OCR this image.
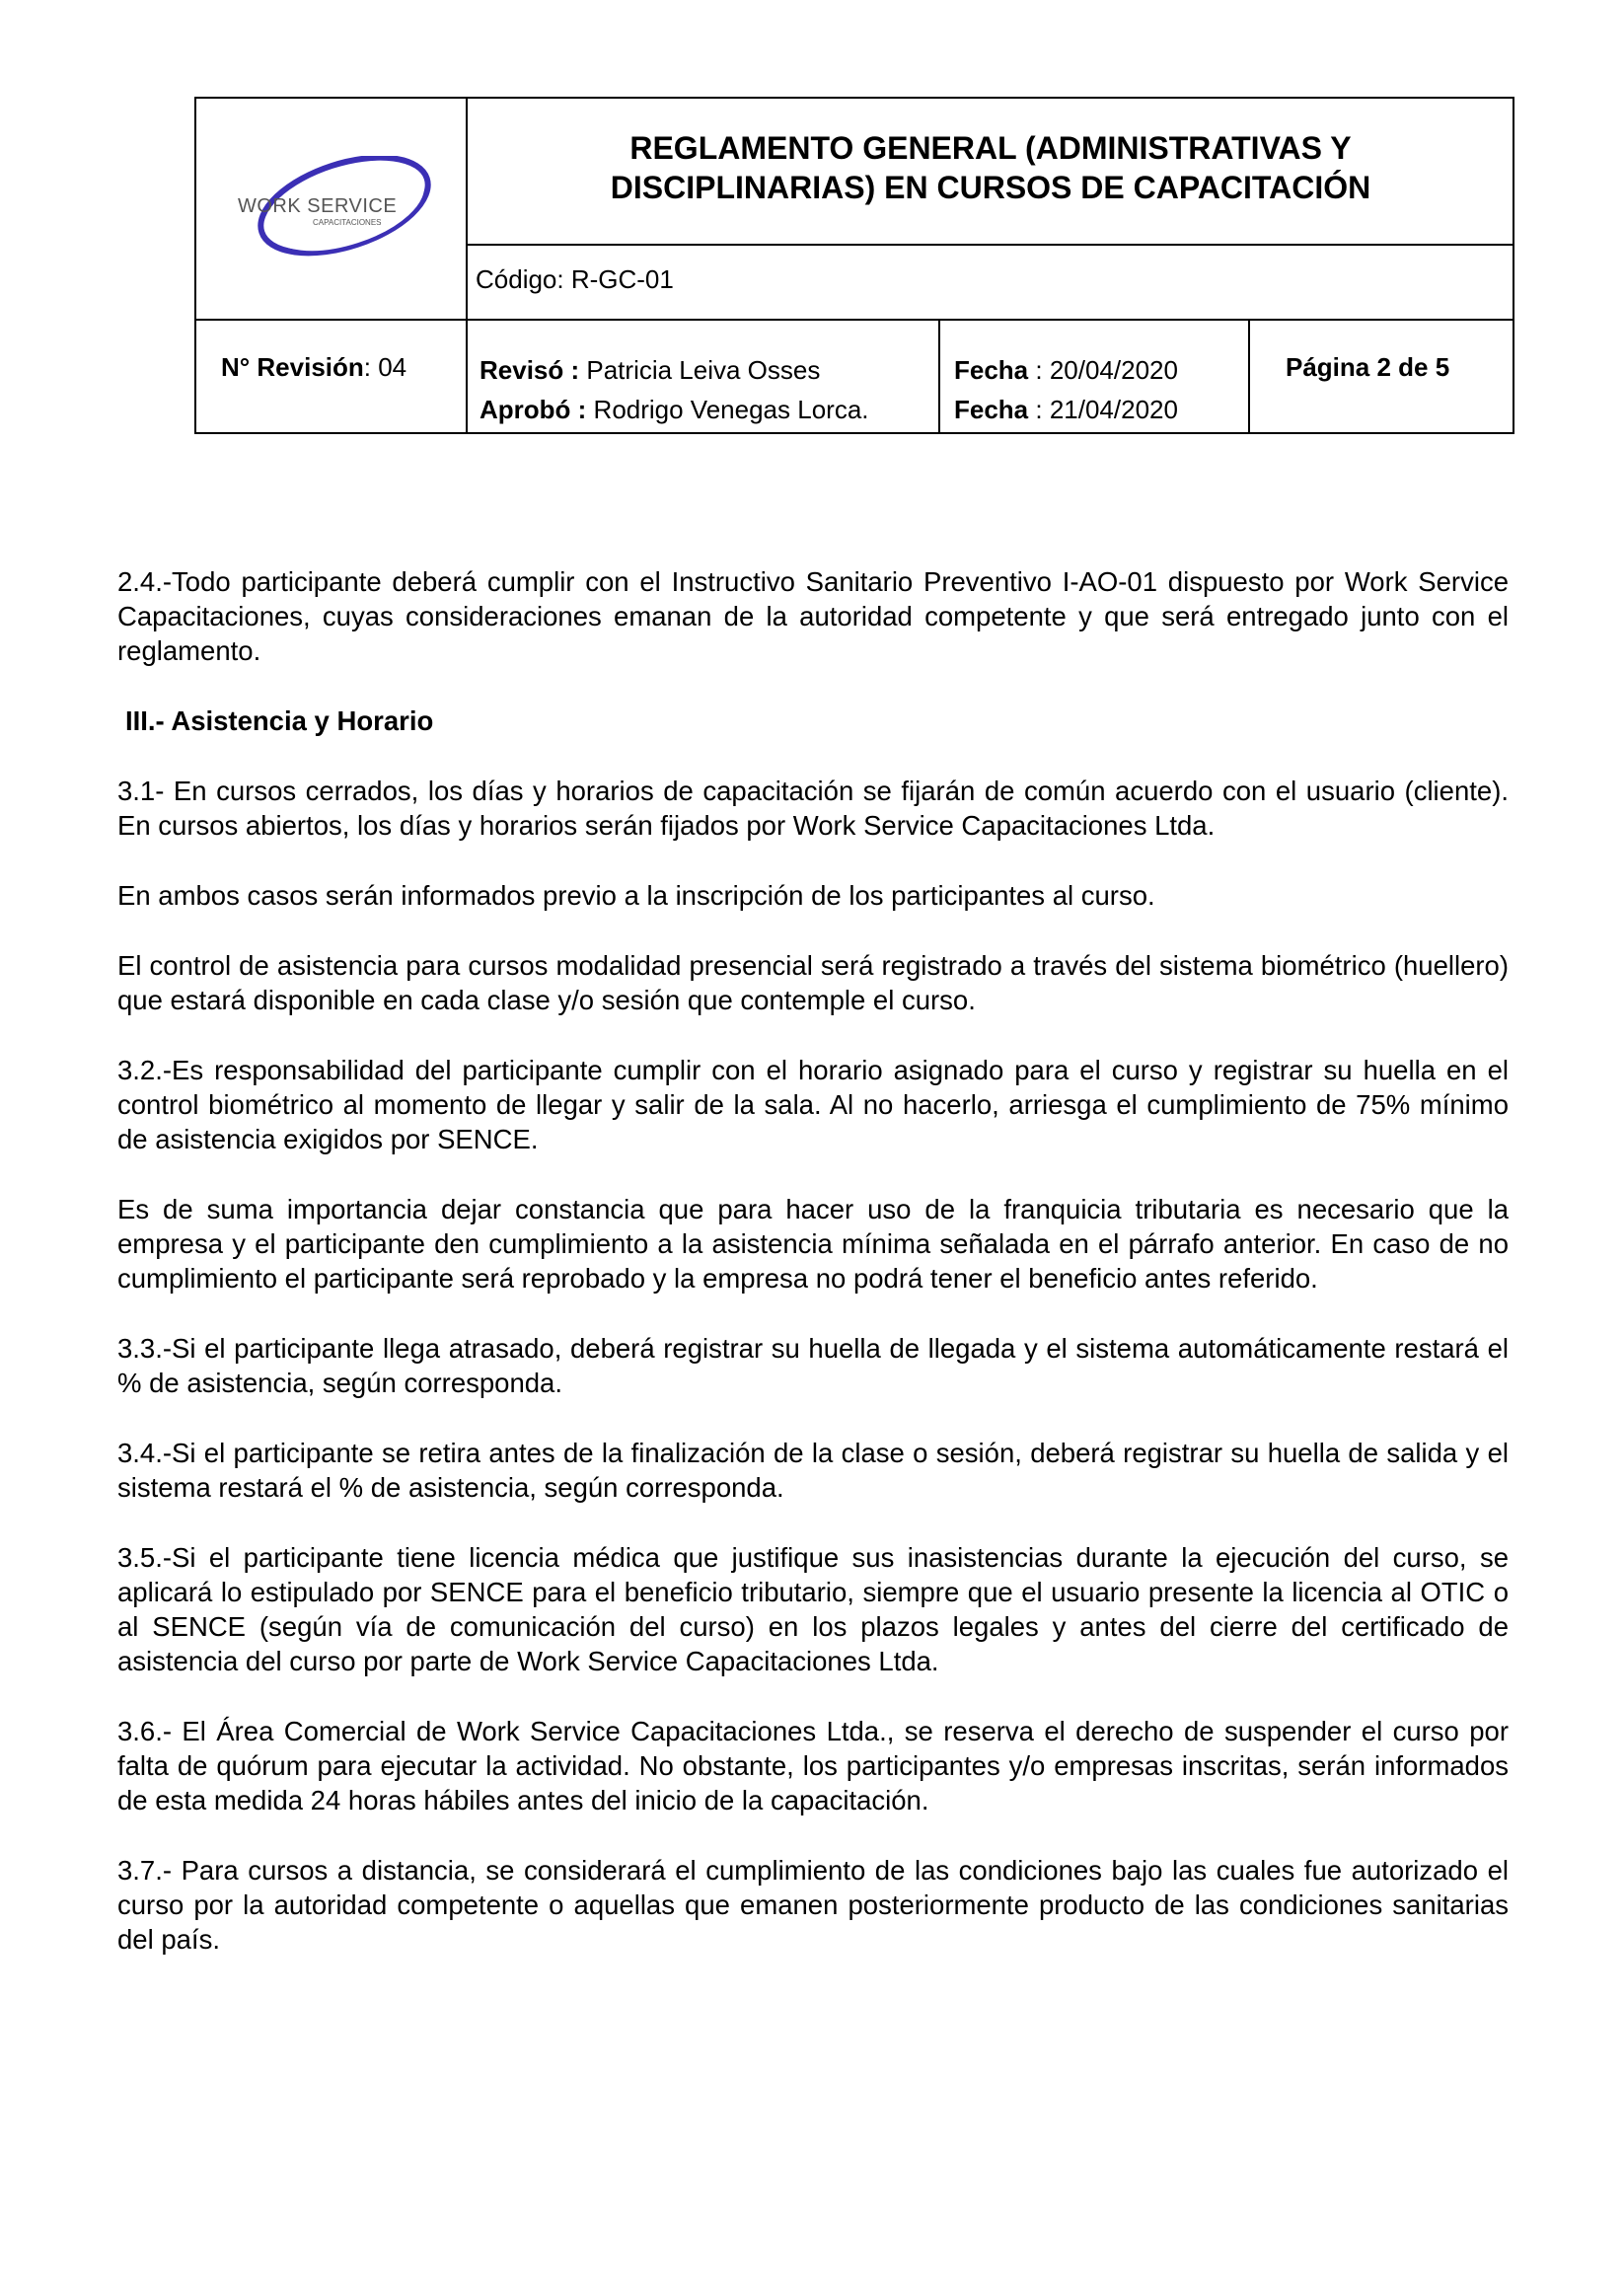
WORK SERVICE
CAPACITACIONES
REGLAMENTO GENERAL (ADMINISTRATIVAS Y
DISCIPLINARIAS) EN CURSOS DE CAPACITACIÓN
Código: R-GC-01
N° Revisión: 04	Revisó : Patricia Leiva Osses
Aprobó : Rodrigo Venegas Lorca.
Fecha : 20/04/2020
Fecha : 21/04/2020
Página 2 de 5

2.4.-Todo participante deberá cumplir con el Instructivo Sanitario Preventivo I-AO-01 dispuesto por Work Service Capacitaciones, cuyas consideraciones emanan de la autoridad competente y que será entregado junto con el reglamento.

III.- Asistencia y Horario

3.1- En cursos cerrados, los días y horarios de capacitación se fijarán de común acuerdo con el usuario (cliente). En cursos abiertos, los días y horarios serán fijados por Work Service Capacitaciones Ltda.

En ambos casos serán informados previo a la inscripción de los participantes al curso.

El control de asistencia para cursos modalidad presencial será registrado a través del sistema biométrico (huellero) que estará disponible en cada clase y/o sesión que contemple el curso.

3.2.-Es responsabilidad del participante cumplir con el horario asignado para el curso y registrar su huella en el control biométrico al momento de llegar y salir de la sala. Al no hacerlo, arriesga el cumplimiento de 75% mínimo de asistencia exigidos por SENCE.

Es de suma importancia dejar constancia que para hacer uso de la franquicia tributaria es necesario que la empresa y el participante den cumplimiento a la asistencia mínima señalada en el párrafo anterior. En caso de no cumplimiento el participante será reprobado y la empresa no podrá tener el beneficio antes referido.

3.3.-Si el participante llega atrasado, deberá registrar su huella de llegada y el sistema automáticamente restará el % de asistencia, según corresponda.

3.4.-Si el participante se retira antes de la finalización de la clase o sesión, deberá registrar su huella de salida y el sistema restará el % de asistencia, según corresponda.

3.5.-Si el participante tiene licencia médica que justifique sus inasistencias durante la ejecución del curso, se aplicará lo estipulado por SENCE para el beneficio tributario, siempre que el usuario presente la licencia al OTIC o al SENCE (según vía de comunicación del curso) en los plazos legales y antes del cierre del certificado de asistencia del curso por parte de Work Service Capacitaciones Ltda.

3.6.- El Área Comercial de Work Service Capacitaciones Ltda., se reserva el derecho de suspender el curso por falta de quórum para ejecutar la actividad. No obstante, los participantes y/o empresas inscritas, serán informados de esta medida 24 horas hábiles antes del inicio de la capacitación.

3.7.- Para cursos a distancia, se considerará el cumplimiento de las condiciones bajo las cuales fue autorizado el curso por la autoridad competente o aquellas que emanen posteriormente producto de las condiciones sanitarias del país.
